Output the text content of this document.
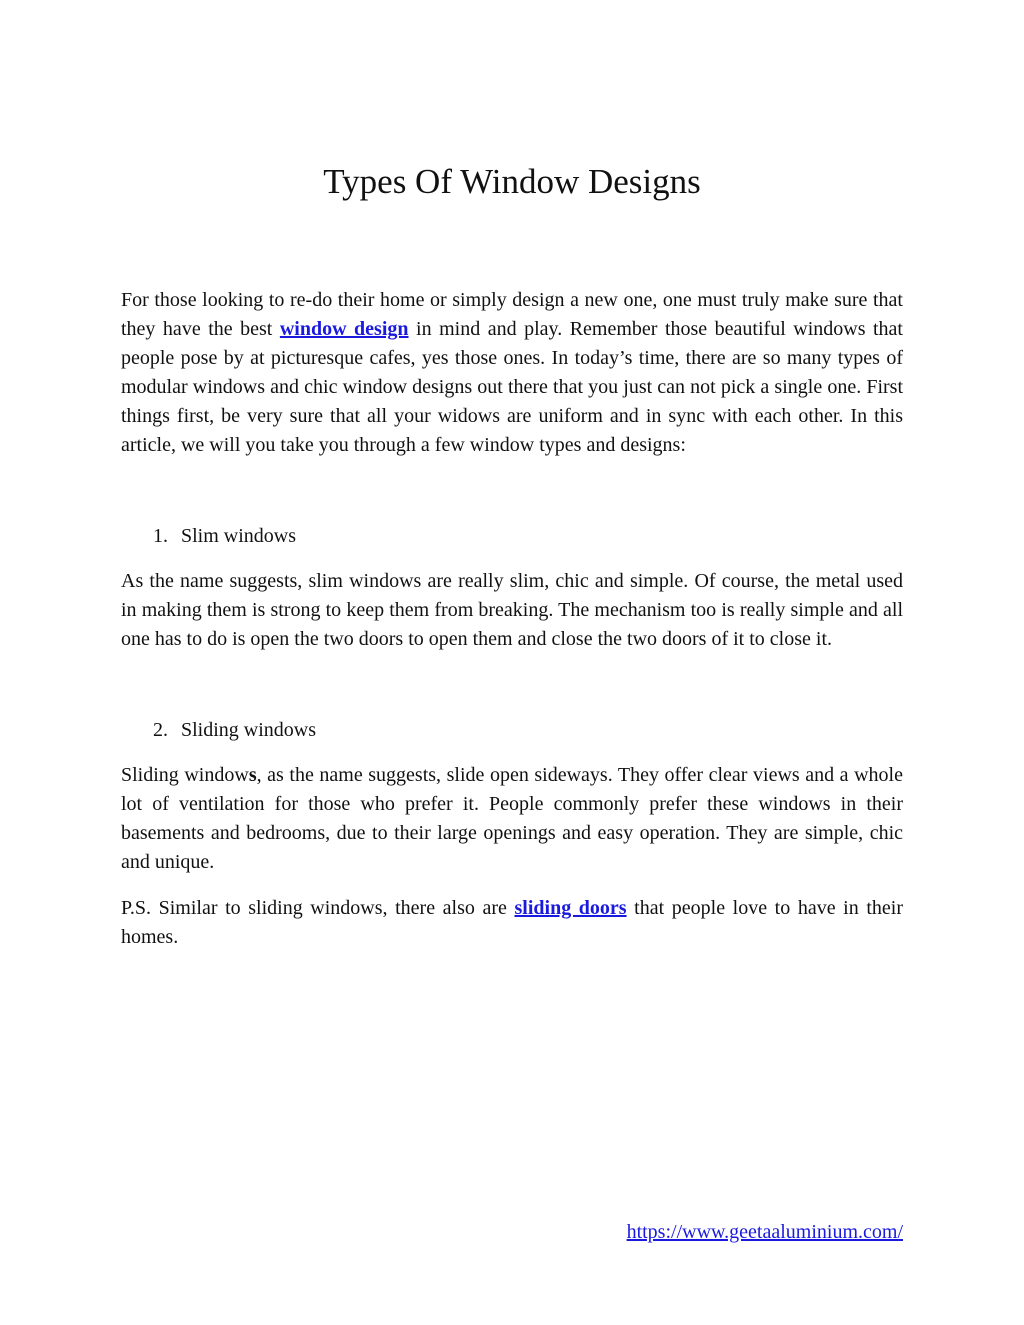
Types Of Window Designs

For those looking to re-do their home or simply design a new one, one must truly make sure that they have the best window design in mind and play. Remember those beautiful windows that people pose by at picturesque cafes, yes those ones. In today’s time, there are so many types of modular windows and chic window designs out there that you just can not pick a single one. First things first, be very sure that all your widows are uniform and in sync with each other. In this article, we will you take you through a few window types and designs:

1. Slim windows

As the name suggests, slim windows are really slim, chic and simple. Of course, the metal used in making them is strong to keep them from breaking. The mechanism too is really simple and all one has to do is open the two doors to open them and close the two doors of it to close it.

2. Sliding windows

Sliding windows, as the name suggests, slide open sideways. They offer clear views and a whole lot of ventilation for those who prefer it. People commonly prefer these windows in their basements and bedrooms, due to their large openings and easy operation. They are simple, chic and unique.

P.S. Similar to sliding windows, there also are sliding doors that people love to have in their homes.

https://www.geetaaluminium.com/
